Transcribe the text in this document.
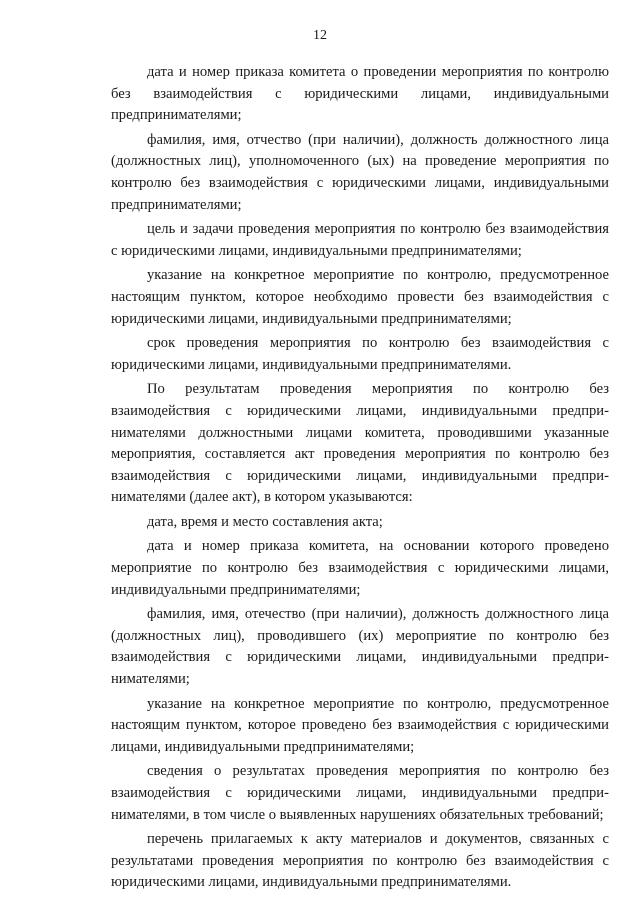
12

дата и номер приказа комитета о проведении мероприятия по контролю без взаимодействия с юридическими лицами, индивидуальными предпринимателями;

фамилия, имя, отчество (при наличии), должность должностного лица (должностных лиц), уполномоченного (ых) на проведение мероприятия по контролю без взаимодействия с юридическими лицами, индивидуальными предпринимателями;

цель и задачи проведения мероприятия по контролю без взаимодействия с юридическими лицами, индивидуальными предпринимателями;

указание на конкретное мероприятие по контролю, предусмотренное настоящим пунктом, которое необходимо провести без взаимодействия с юридическими лицами, индивидуальными предпринимателями;

срок проведения мероприятия по контролю без взаимодействия с юридическими лицами, индивидуальными предпринимателями.

По результатам проведения мероприятия по контролю без взаимодействия с юридическими лицами, индивидуальными предпринимателями должностными лицами комитета, проводившими указанные мероприятия, составляется акт проведения мероприятия по контролю без взаимодействия с юридическими лицами, индивидуальными предпринимателями (далее акт), в котором указываются:

дата, время и место составления акта;

дата и номер приказа комитета, на основании которого проведено мероприятие по контролю без взаимодействия с юридическими лицами, индивидуальными предпринимателями;

фамилия, имя, отечество (при наличии), должность должностного лица (должностных лиц), проводившего (их) мероприятие по контролю без взаимодействия с юридическими лицами, индивидуальными предпринимателями;

указание на конкретное мероприятие по контролю, предусмотренное настоящим пунктом, которое проведено без взаимодействия с юридическими лицами, индивидуальными предпринимателями;

сведения о результатах проведения мероприятия по контролю без взаимодействия с юридическими лицами, индивидуальными предпринимателями, в том числе о выявленных нарушениях обязательных требований;

перечень прилагаемых к акту материалов и документов, связанных с результатами проведения мероприятия по контролю без взаимодействия с юридическими лицами, индивидуальными предпринимателями.
